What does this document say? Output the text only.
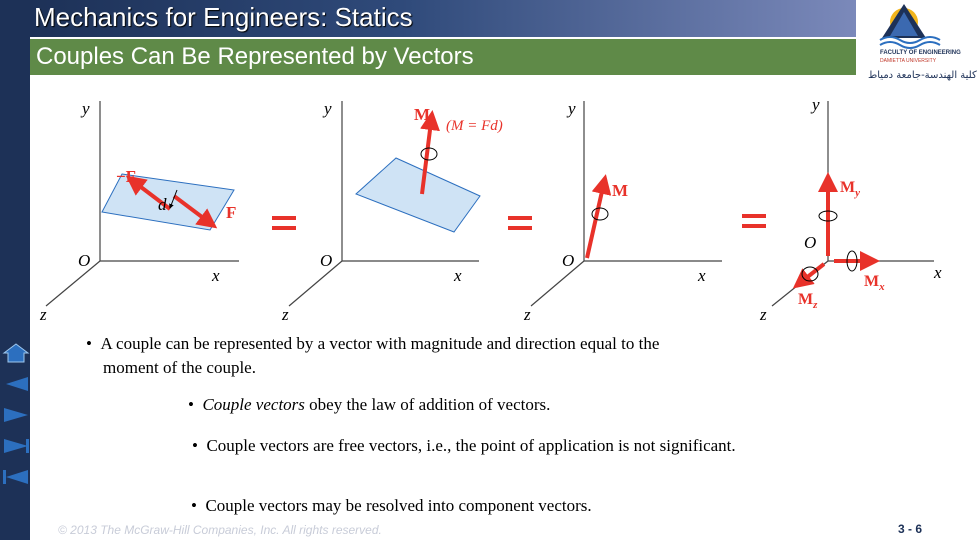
Mechanics for Engineers: Statics
Couples Can Be Represented by Vectors	FACULTY OF ENGINEERING
DAMIETTA UNIVERSITY
كلية الهندسة-جامعة دمياط
y
x
z
O
−F
F
d
y
x
z
O
M
(M = Fd)
y
x
z
O
M
y
x
z
O
$M_y$
$M_x$
$M_z$
•  A couple can be represented by a vector with magnitude and direction equal to the
moment of the couple.
•  Couple vectors obey the law of addition of vectors.
•  Couple vectors are free vectors, i.e., the point of application is not significant.
•  Couple vectors may be resolved into component vectors.
© 2013 The McGraw-Hill Companies, Inc. All rights reserved.	3 - 6
